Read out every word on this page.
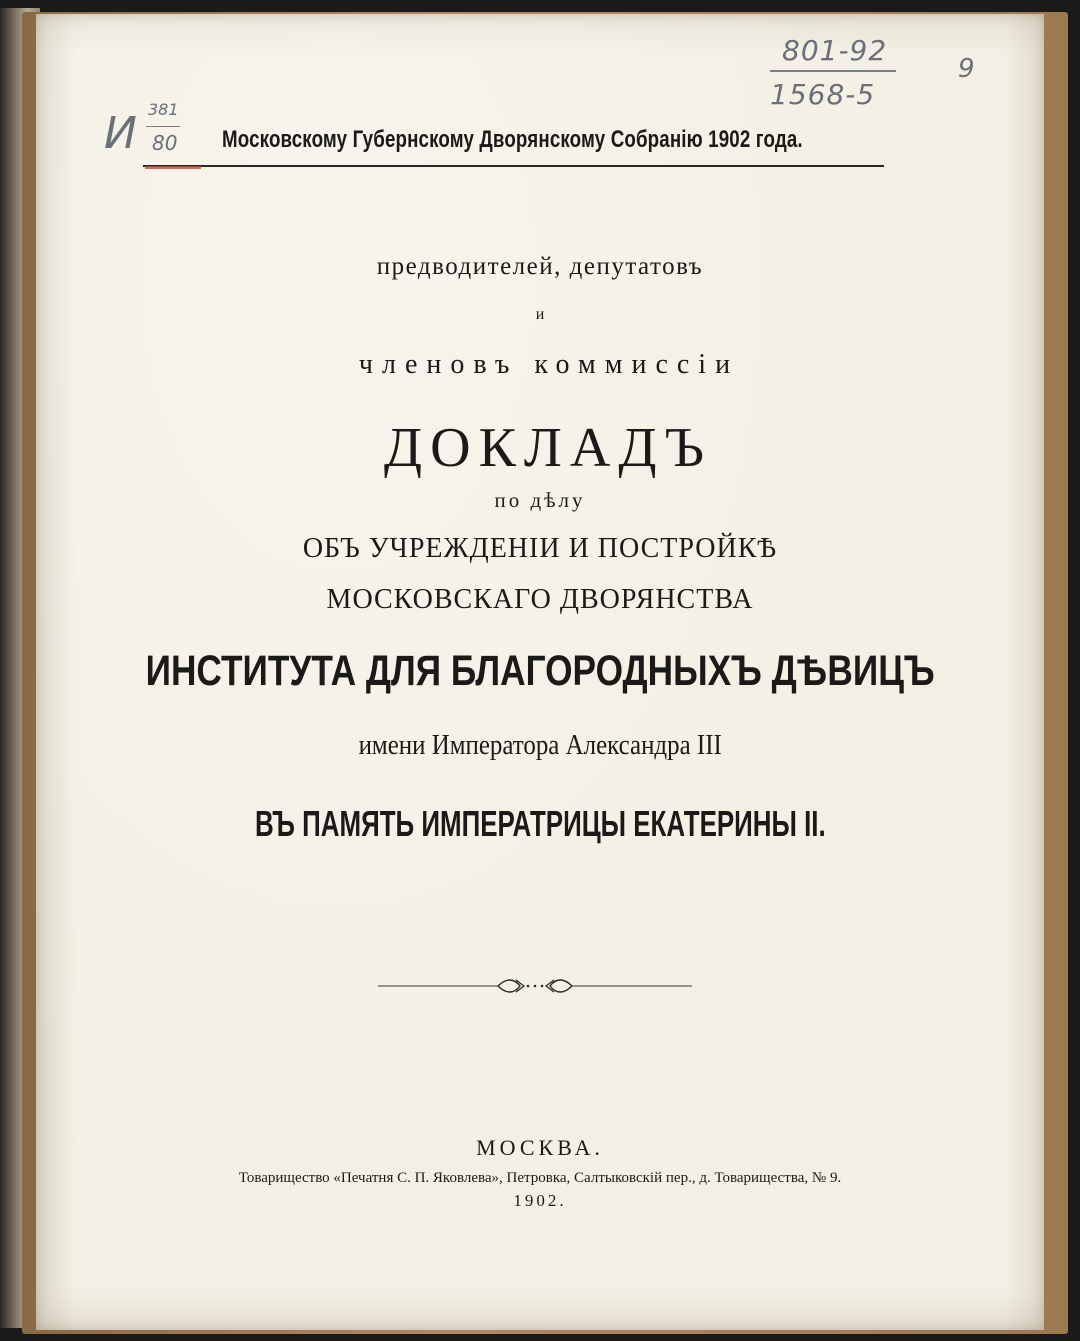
801-92
1568-5
9
И 381
80 Московскому Губернскому Дворянскому Собранію 1902 года.

предводителей, депутатовъ

и

членовъ коммиссіи

ДОКЛАДЪ

по дѣлу

ОБЪ УЧРЕЖДЕНІИ И ПОСТРОЙКѢ

МОСКОВСКАГО ДВОРЯНСТВА

ИНСТИТУТА ДЛЯ БЛАГОРОДНЫХЪ ДѢВИЦЪ

имени Императора Александра III

ВЪ ПАМЯТЬ ИМПЕРАТРИЦЫ ЕКАТЕРИНЫ II.

МОСКВА.

Товарищество «Печатня С. П. Яковлева», Петровка, Салтыковскій пер., д. Товарищества, № 9.

1902.
